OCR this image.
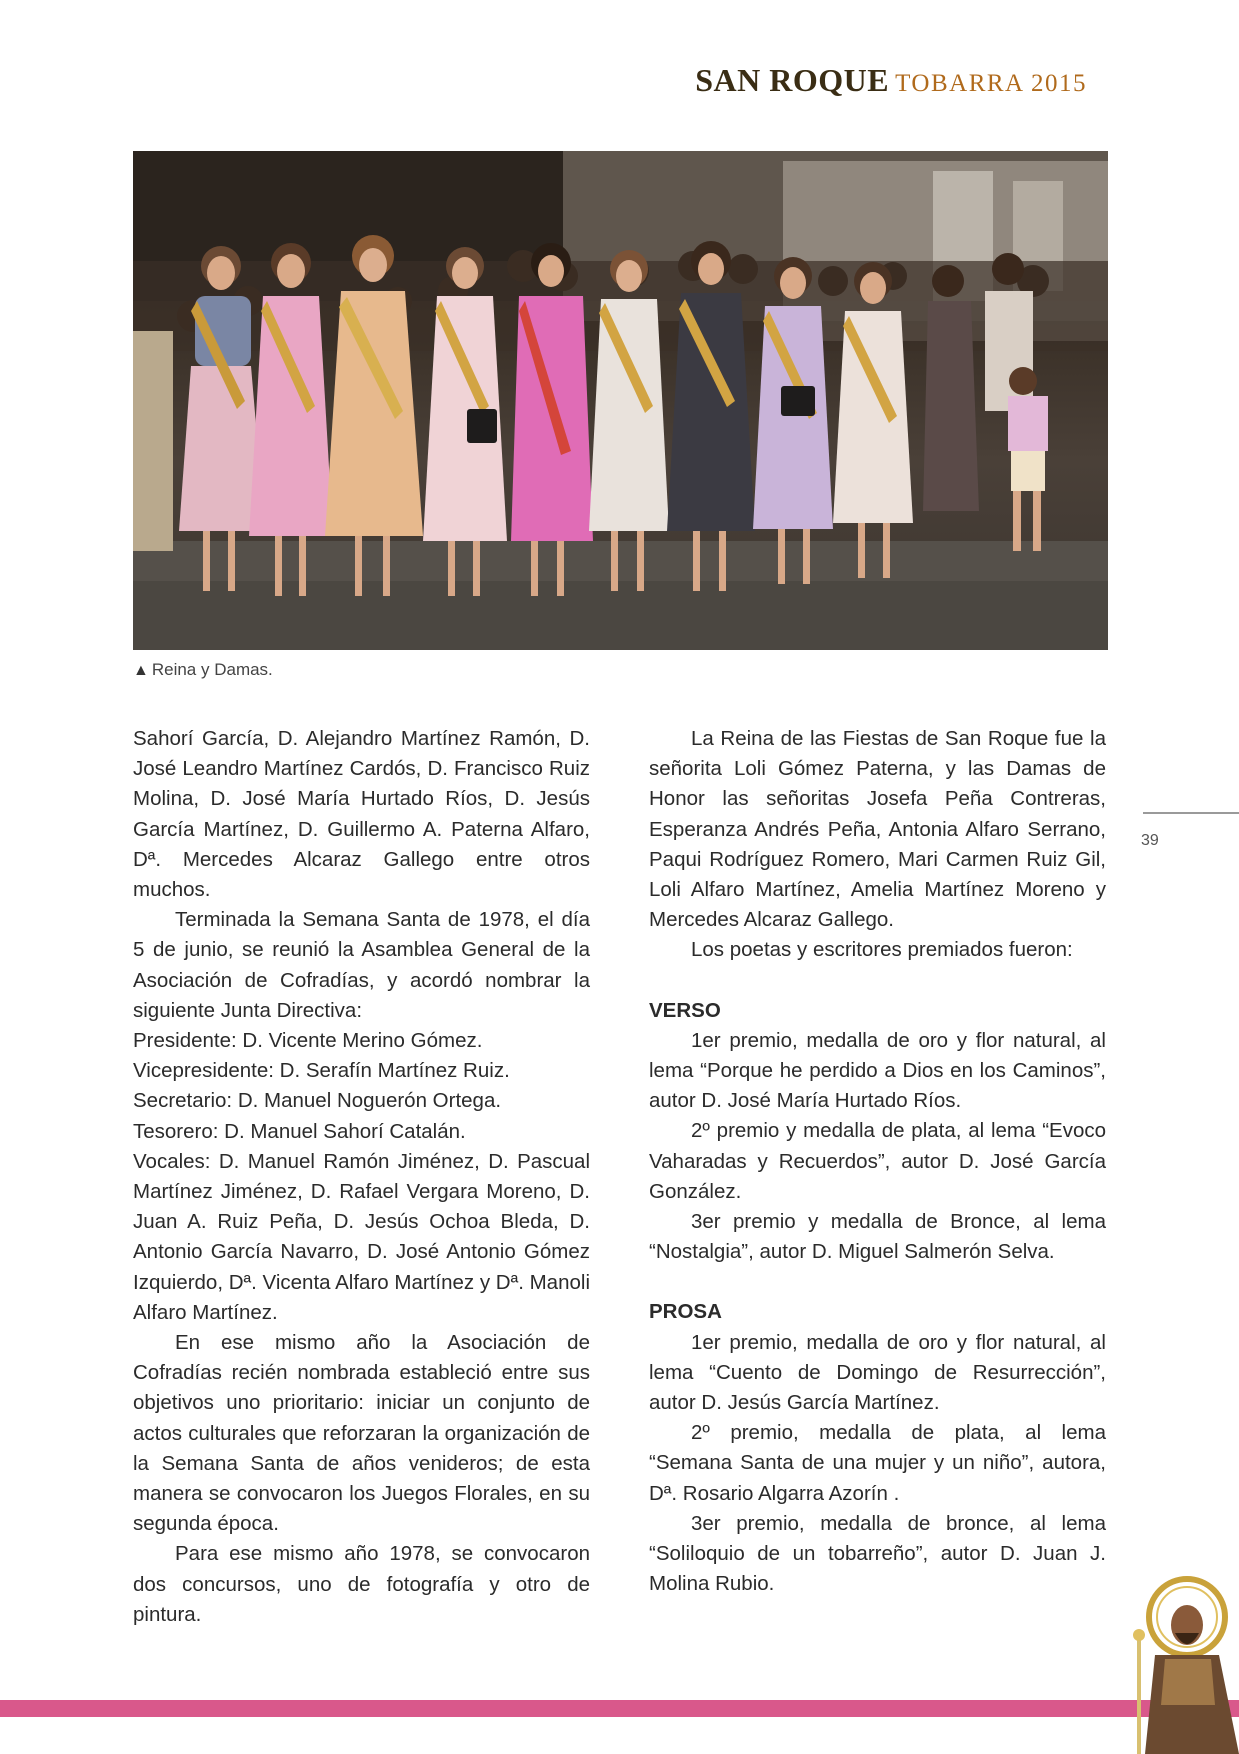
SAN ROQUE TOBARRA 2015
▲ Reina y Damas.

Sahorí García, D. Alejandro Martínez Ramón, D. José Leandro Martínez Cardós, D. Francisco Ruiz Molina, D. José María Hurtado Ríos, D. Jesús García Martínez, D. Guillermo A. Paterna Alfaro, Dª. Mercedes Alcaraz Gallego entre otros muchos.

Terminada la Semana Santa de 1978, el día 5 de junio, se reunió la Asamblea General de la Asociación de Cofradías, y acordó nombrar la siguiente Junta Directiva:

Presidente: D. Vicente Merino Gómez.

Vicepresidente: D. Serafín Martínez Ruiz.

Secretario: D. Manuel Noguerón Ortega.

Tesorero: D. Manuel Sahorí Catalán.

Vocales: D. Manuel Ramón Jiménez, D. Pascual Martínez Jiménez, D. Rafael Vergara Moreno, D. Juan A. Ruiz Peña, D. Jesús Ochoa Bleda, D. Antonio García Navarro, D. José Antonio Gómez Izquierdo, Dª. Vicenta Alfaro Martínez y Dª. Manoli Alfaro Martínez.

En ese mismo año la Asociación de Cofradías recién nombrada estableció entre sus objetivos uno prioritario: iniciar un conjunto de actos culturales que reforzaran la organización de la Semana Santa de años venideros; de esta manera se convocaron los Juegos Florales, en su segunda época.

Para ese mismo año 1978, se convocaron dos concursos, uno de fotografía y otro de pintura.

La Reina de las Fiestas de San Roque fue la señorita Loli Gómez Paterna, y las Damas de Honor las señoritas Josefa Peña Contreras, Esperanza Andrés Peña, Antonia Alfaro Serrano, Paqui Rodríguez Romero, Mari Carmen Ruiz Gil, Loli Alfaro Martínez, Amelia Martínez Moreno y Mercedes Alcaraz Gallego.

Los poetas y escritores premiados fueron:

VERSO

1er premio, medalla de oro y flor natural, al lema “Porque he perdido a Dios en los Caminos”, autor D. José María Hurtado Ríos.

2º premio y medalla de plata, al lema “Evoco Vaharadas y Recuerdos”, autor D. José García González.

3er premio y medalla de Bronce, al lema “Nostalgia”, autor D. Miguel Salmerón Selva.

PROSA

1er premio, medalla de oro y flor natural, al lema “Cuento de Domingo de Resurrección”, autor D. Jesús García Martínez.

2º premio, medalla de plata, al lema “Semana Santa de una mujer y un niño”, autora, Dª. Rosario Algarra Azorín .

3er premio, medalla de bronce, al lema “Soliloquio de un tobarreño”, autor D. Juan J. Molina Rubio.

39
